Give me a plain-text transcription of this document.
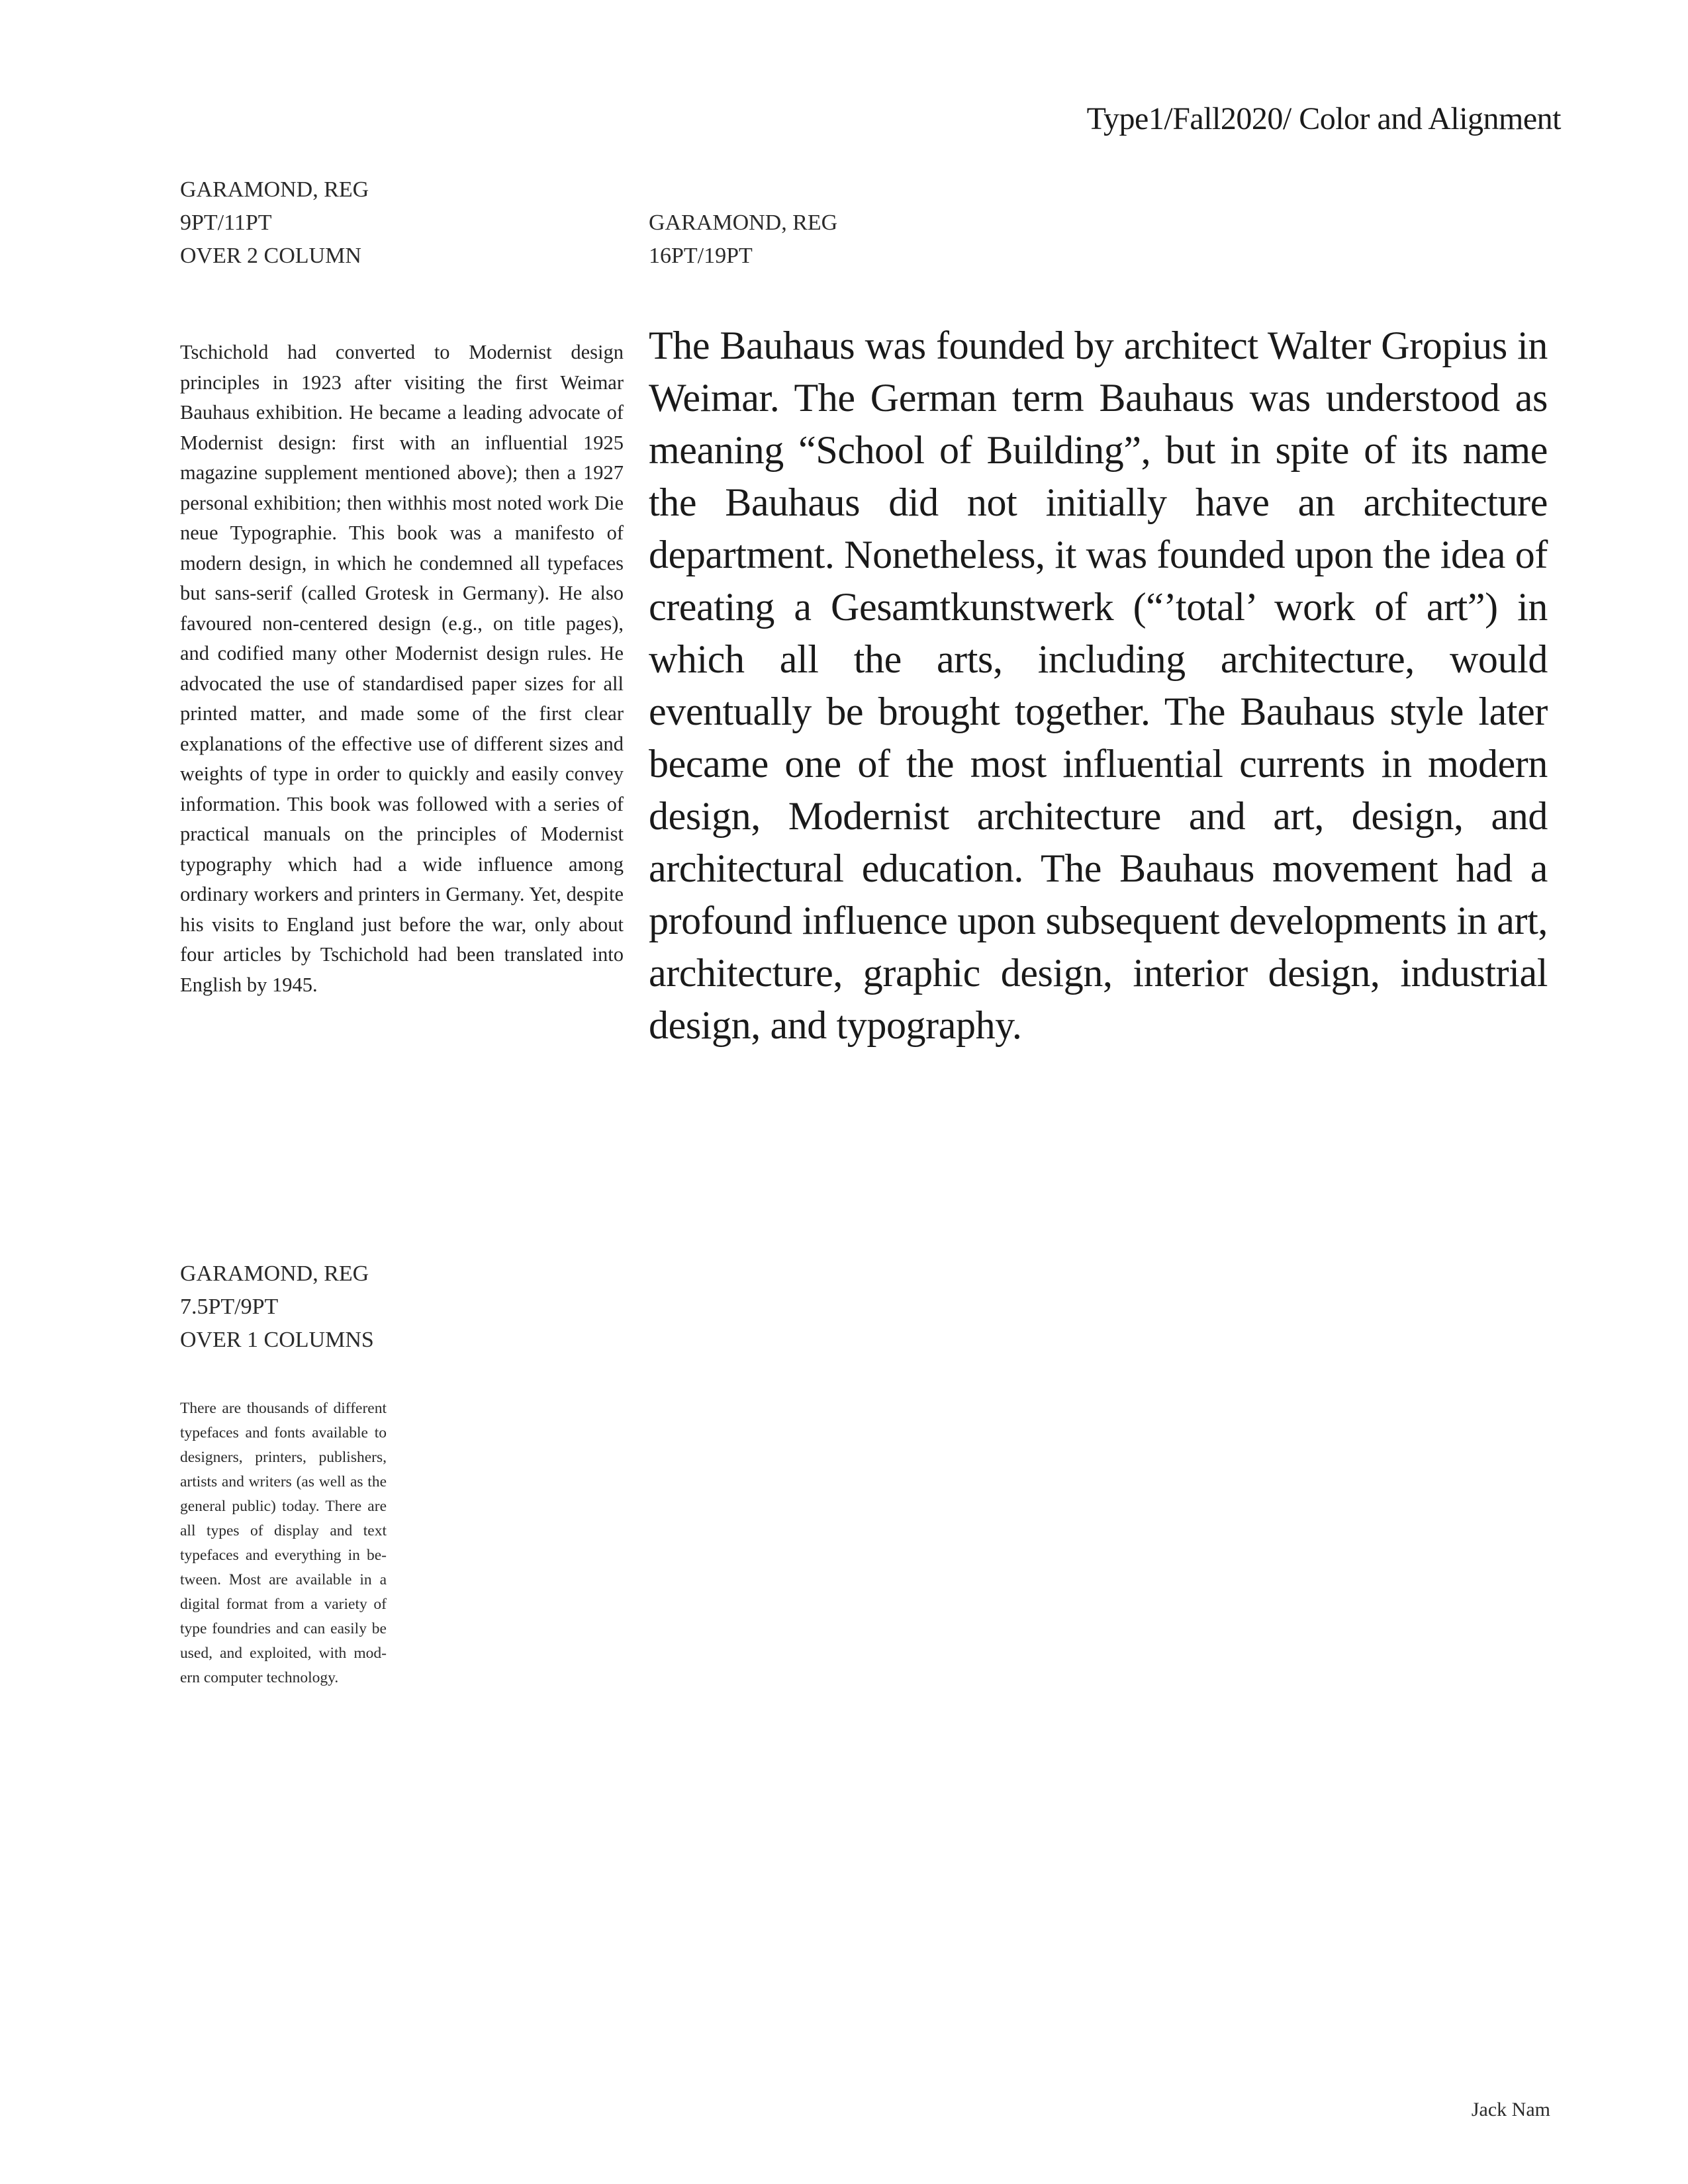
Type1/Fall2020/ Color and Alignment
GARAMOND, REG
9PT/11PT
OVER 2 COLUMN

Tschichold had converted to Modernist design principles in 1923 after visiting the first Weimar Bauhaus exhibition. He became a leading advocate of Modernist design: first with an influential 1925 magazine supplement mentioned above); then a 1927 personal exhibition; then withhis most noted work Die neue Typographie. This book was a manifesto of modern design, in which he condemned all typefaces but sans-serif (called Grotesk in Germany). He also favoured non-centered design (e.g., on title pages), and codified many other Modernist design rules. He advocated the use of standardised paper sizes for all printed matter, and made some of the first clear explanations of the effective use of different sizes and weights of type in order to quickly and easily convey information. This book was followed with a series of practical manuals on the principles of Modernist typography which had a wide influence among ordinary workers and printers in Germany. Yet, despite his visits to England just before the war, only about four articles by Tschichold had been translated into English by 1945.

GARAMOND, REG
16PT/19PT

The Bauhaus was founded by architect Walter Gropius in Weimar. The German term Bauhaus was understood as meaning “School of Building”, but in spite of its name the Bauhaus did not initially have an architecture department. Nonetheless, it was founded upon the idea of creating a Gesamtkunstwerk (“’total’ work of art”) in which all the arts, including architecture, would eventually be brought together. The Bauhaus style later became one of the most influential currents in modern design, Modernist architecture and art, design, and architectural education. The Bauhaus movement had a profound influence upon subsequent developments in art, architecture, graphic design, interior design, industrial design, and typography.

GARAMOND, REG
7.5PT/9PT
OVER 1 COLUMNS

There are thousands of different typefaces and fonts available to designers, printers, publishers, artists and writers (as well as the general public) today. There are all types of display and text typefaces and everything in between. Most are available in a digital format from a variety of type foundries and can easily be used, and exploited, with modern computer technology.

Jack Nam
